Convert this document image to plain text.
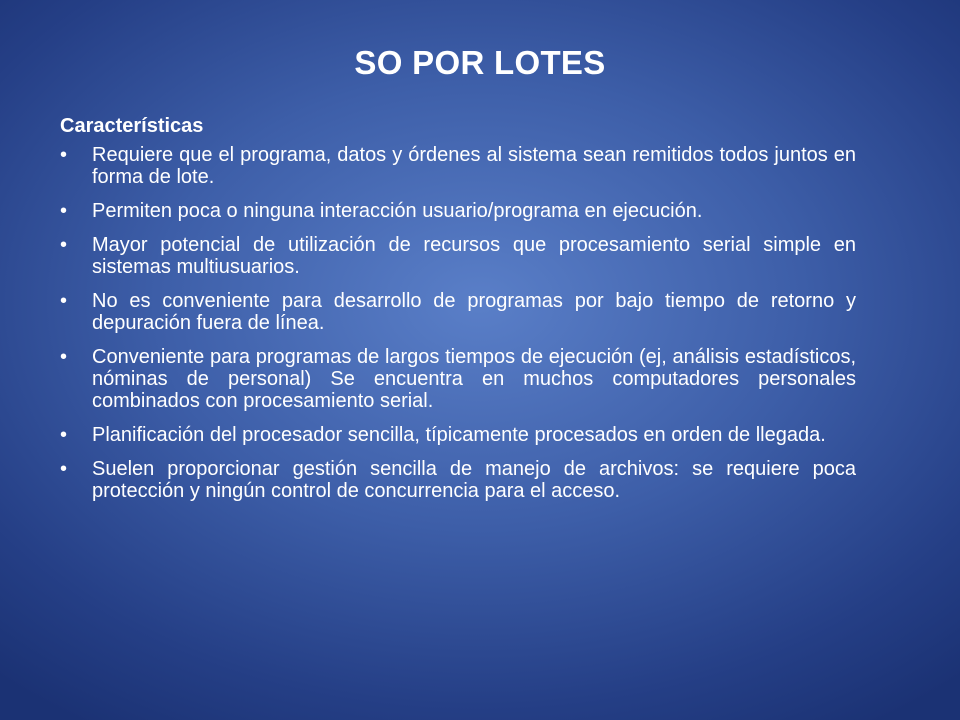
SO POR LOTES
Características
• Requiere que el programa, datos y órdenes al sistema sean remitidos todos juntos en forma de lote.
• Permiten poca o ninguna interacción usuario/programa en ejecución.
• Mayor potencial de utilización de recursos que procesamiento serial simple en sistemas multiusuarios.
• No es conveniente para desarrollo de programas por bajo tiempo de retorno y depuración fuera de línea.
• Conveniente para programas de largos tiempos de ejecución (ej, análisis estadísticos, nóminas de personal) Se encuentra en muchos computadores personales combinados con procesamiento serial.
• Planificación del procesador sencilla, típicamente procesados en orden de llegada.
• Suelen proporcionar gestión sencilla de manejo de archivos: se requiere poca protección y ningún control de concurrencia para el acceso.
